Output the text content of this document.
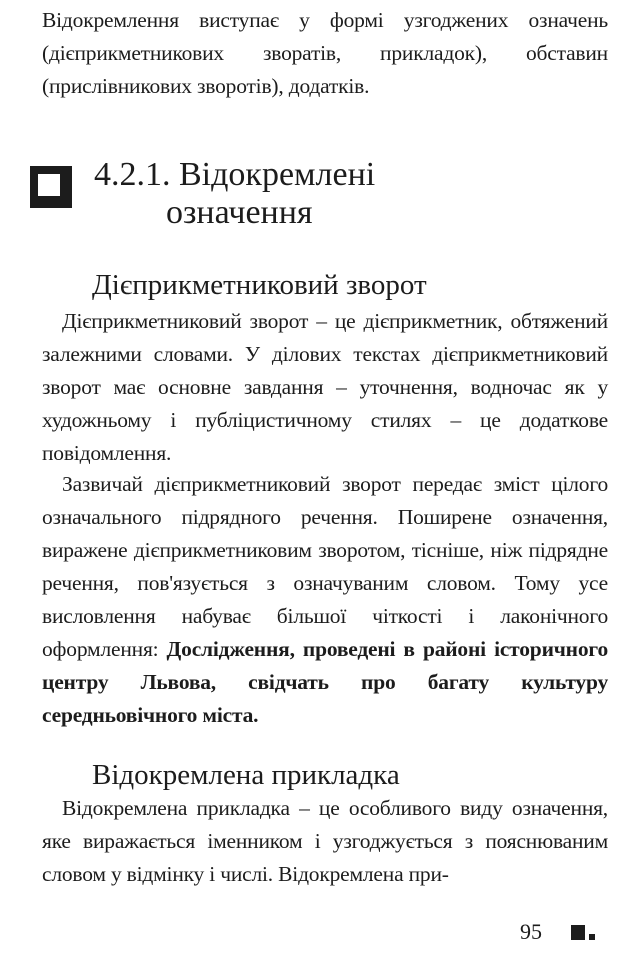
Відокремлення виступає у формі узгоджених означень (дієприкметникових зворатів, прикладок), обставин (прислівникових зворотів), додатків.

4.2.1. Відокремлені
означення
Дієприкметниковий зворот

Дієприкметниковий зворот – це дієприкметник, обтяжений залежними словами. У ділових текстах дієприкметниковий зворот має основне завдання – уточнення, водночас як у художньому і публіцистичному стилях – це додаткове повідомлення.

Зазвичай дієприкметниковий зворот передає зміст цілого означального підрядного речення. Поширене означення, виражене дієприкметниковим зворотом, тісніше, ніж підрядне речення, пов'язується з означуваним словом. Тому усе висловлення набуває більшої чіткості і лаконічного оформлення: Дослідження, проведені в районі історичного центру Львова, свідчать про багату культуру середньовічного міста.

Відокремлена прикладка

Відокремлена прикладка – це особливого виду означення, яке виражається іменником і узгоджується з пояснюваним словом у відмінку і числі. Відокремлена при-

95
